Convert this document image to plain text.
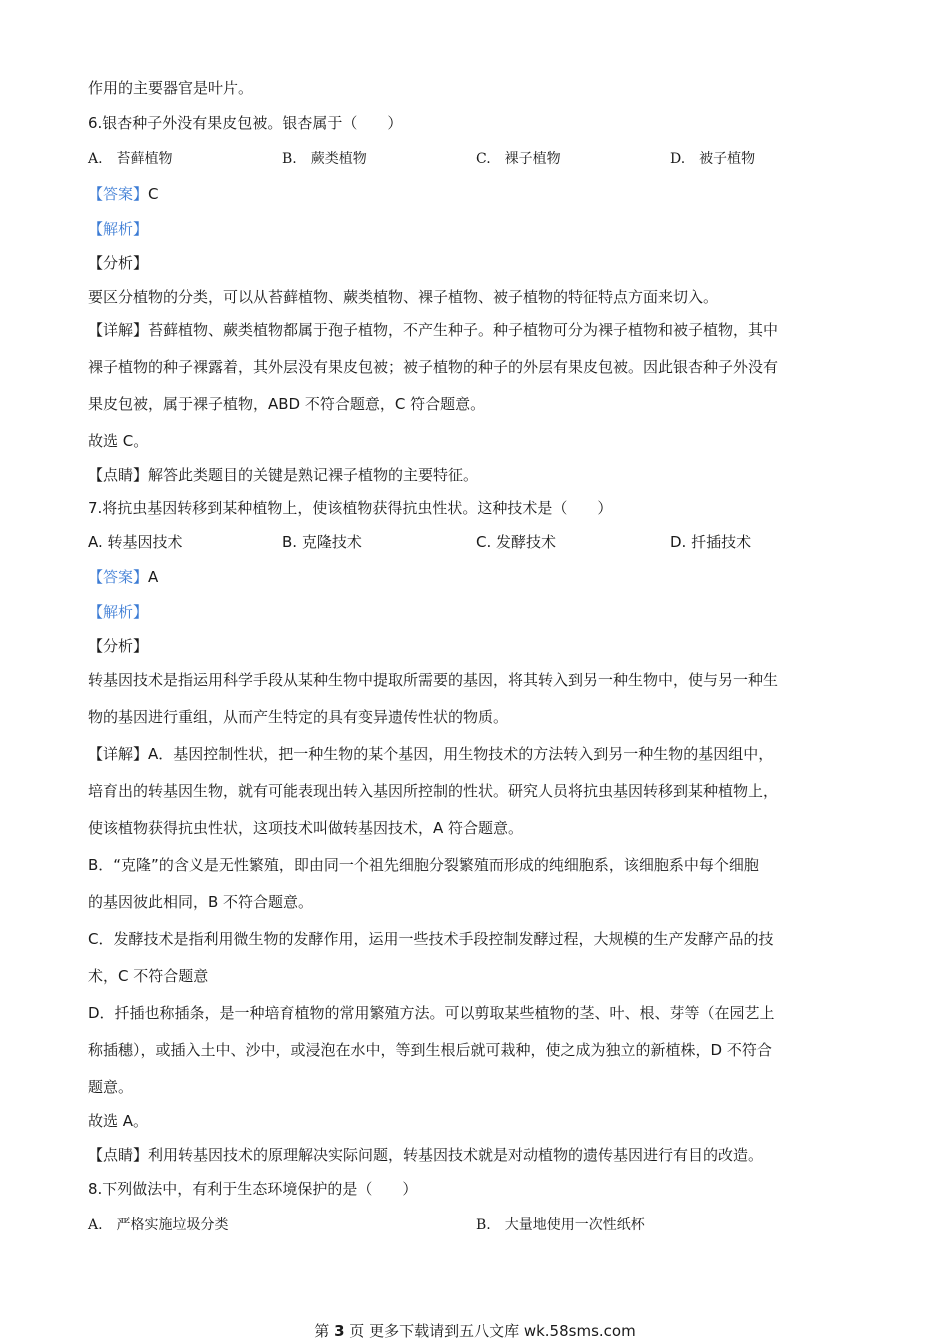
作用的主要器官是叶片。

6.银杏种子外没有果皮包被。银杏属于（　　）

A.　苔藓植物	B.　蕨类植物	C.　裸子植物	D.　被子植物

【答案】C

【解析】

【分析】

要区分植物的分类，可以从苔藓植物、蕨类植物、裸子植物、被子植物的特征特点方面来切入。

【详解】苔藓植物、蕨类植物都属于孢子植物，不产生种子。种子植物可分为裸子植物和被子植物，其中

裸子植物的种子裸露着，其外层没有果皮包被；被子植物的种子的外层有果皮包被。因此银杏种子外没有

果皮包被，属于裸子植物，ABD 不符合题意，C 符合题意。

故选 C。

【点睛】解答此类题目的关键是熟记裸子植物的主要特征。

7.将抗虫基因转移到某种植物上，使该植物获得抗虫性状。这种技术是（　　）

A. 转基因技术	B. 克隆技术	C. 发酵技术	D. 扦插技术

【答案】A

【解析】

【分析】

转基因技术是指运用科学手段从某种生物中提取所需要的基因，将其转入到另一种生物中，使与另一种生

物的基因进行重组，从而产生特定的具有变异遗传性状的物质。

【详解】A．基因控制性状，把一种生物的某个基因，用生物技术的方法转入到另一种生物的基因组中，

培育出的转基因生物，就有可能表现出转入基因所控制的性状。研究人员将抗虫基因转移到某种植物上，

使该植物获得抗虫性状，这项技术叫做转基因技术，A 符合题意。

B．“克隆”的含义是无性繁殖，即由同一个祖先细胞分裂繁殖而形成的纯细胞系，该细胞系中每个细胞

的基因彼此相同，B 不符合题意。

C．发酵技术是指利用微生物的发酵作用，运用一些技术手段控制发酵过程，大规模的生产发酵产品的技

术，C 不符合题意

D．扦插也称插条，是一种培育植物的常用繁殖方法。可以剪取某些植物的茎、叶、根、芽等（在园艺上

称插穗），或插入土中、沙中，或浸泡在水中，等到生根后就可栽种，使之成为独立的新植株，D 不符合

题意。

故选 A。

【点睛】利用转基因技术的原理解决实际问题，转基因技术就是对动植物的遗传基因进行有目的改造。

8.下列做法中，有利于生态环境保护的是（　　）

A.　严格实施垃圾分类	B.　大量地使用一次性纸杯
第 3 页 更多下载请到五八文库 wk.58sms.com
